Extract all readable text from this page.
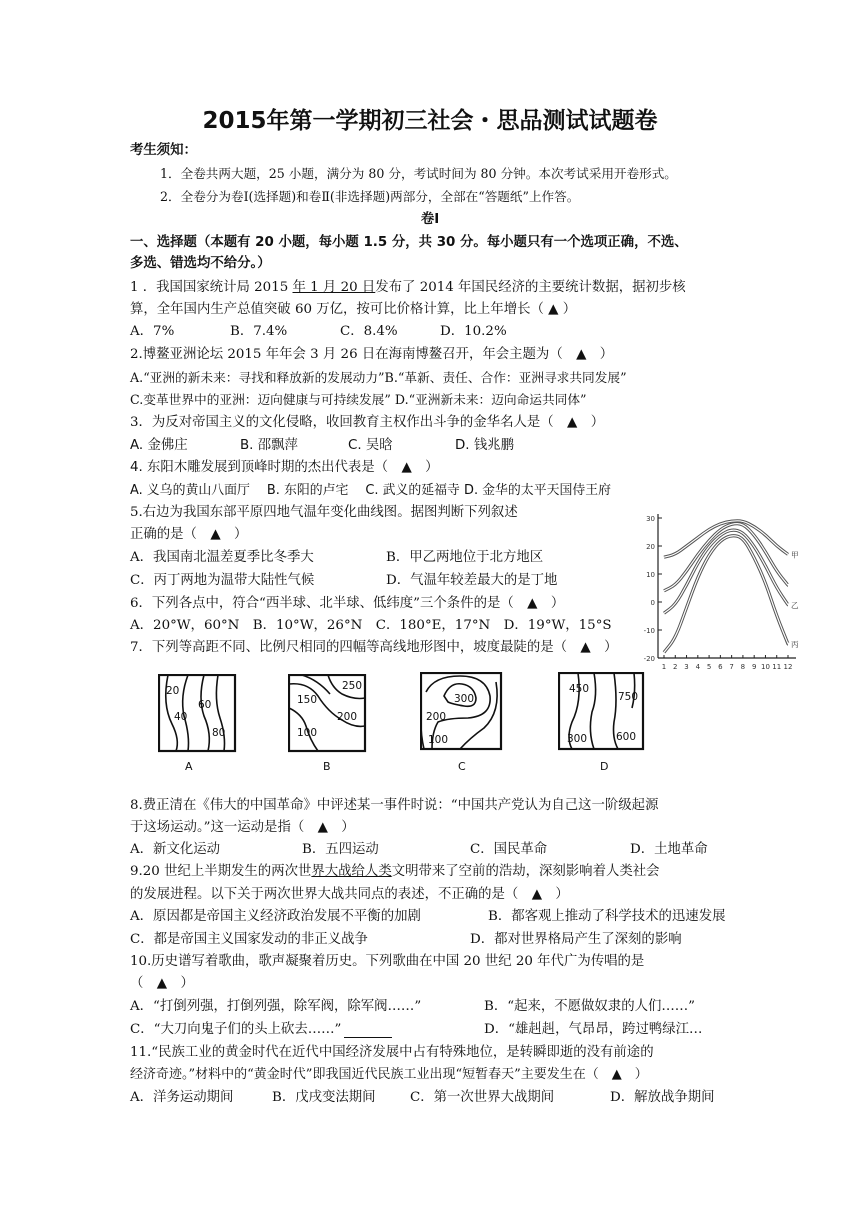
2015年第一学期初三社会・思品测试试题卷
考生须知：
1．全卷共两大题，25 小题，满分为 80 分，考试时间为 80 分钟。本次考试采用开卷形式。
2．全卷分为卷Ⅰ(选择题)和卷Ⅱ(非选择题)两部分，全部在“答题纸”上作答。
卷Ⅰ
一、选择题（本题有 20 小题，每小题 1.5 分，共 30 分。每小题只有一个选项正确，不选、
多选、错选均不给分。）
1 ．我国国家统计局 2015 年 1 月 20 日发布了 2014 年国民经济的主要统计数据，据初步核
算，全年国内生产总值突破 60 万亿，按可比价格计算，比上年增长（ ▲ ）
A．7%	B．7.4%	C．8.4%	D．10.2%
2.博鳌亚洲论坛 2015 年年会 3 月 26 日在海南博鳌召开，年会主题为（　▲　）
A.“亚洲的新未来：寻找和释放新的发展动力”B.“革新、责任、合作：亚洲寻求共同发展”
C.变革世界中的亚洲：迈向健康与可持续发展” D.“亚洲新未来：迈向命运共同体”
3．为反对帝国主义的文化侵略，收回教育主权作出斗争的金华名人是（　▲　）
A. 金佛庄	B. 邵飘萍	C. 吴晗	D. 钱兆鹏
4. 东阳木雕发展到顶峰时期的杰出代表是（　▲　）
A. 义乌的黄山八面厅　 B. 东阳的卢宅　 C. 武义的延福寺 D. 金华的太平天国侍王府
5.右边为我国东部平原四地气温年变化曲线图。据图判断下列叙述
正确的是（　▲　）
A．我国南北温差夏季比冬季大	B．甲乙两地位于北方地区
C．丙丁两地为温带大陆性气候	D．气温年较差最大的是丁地
30
20
10
0
-10
-20
1 2 3 4 5 6 7 8 9 10 11 12
甲
乙
丙
6．下列各点中，符合“西半球、北半球、低纬度”三个条件的是（　▲　）
A．20°W，60°N　B．10°W，26°N　C．180°E，17°N　D．19°W，15°S
7．下列等高距不同、比例尺相同的四幅等高线地形图中，坡度最陡的是（　▲　）
20
40
60
80
A
150
100
250
200
B
300
200
100
C
450
300
750
600
D
8.费正清在《伟大的中国革命》中评述某一事件时说：“中国共产党认为自己这一阶级起源
于这场运动。”这一运动是指（　▲　）
A．新文化运动	B．五四运动	C．国民革命	D．土地革命
9.20 世纪上半期发生的两次世界大战给人类文明带来了空前的浩劫，深刻影响着人类社会
的发展进程。以下关于两次世界大战共同点的表述，不正确的是（　▲　）
A．原因都是帝国主义经济政治发展不平衡的加剧	B．都客观上推动了科学技术的迅速发展
C．都是帝国主义国家发动的非正义战争	D．都对世界格局产生了深刻的影响
10.历史谱写着歌曲，歌声凝聚着历史。下列歌曲在中国 20 世纪 20 年代广为传唱的是
（　▲　）
A．“打倒列强，打倒列强，除军阀，除军阀……”	B．“起来，不愿做奴隶的人们……”
C．“大刀向鬼子们的头上砍去……”	D．“雄赳赳，气昂昂，跨过鸭绿江…
11.“民族工业的黄金时代在近代中国经济发展中占有特殊地位，是转瞬即逝的没有前途的
经济奇迹。”材料中的“黄金时代”即我国近代民族工业出现“短暂春天”主要发生在（　▲　）
A．洋务运动期间	B．戊戌变法期间	C．第一次世界大战期间	D．解放战争期间
